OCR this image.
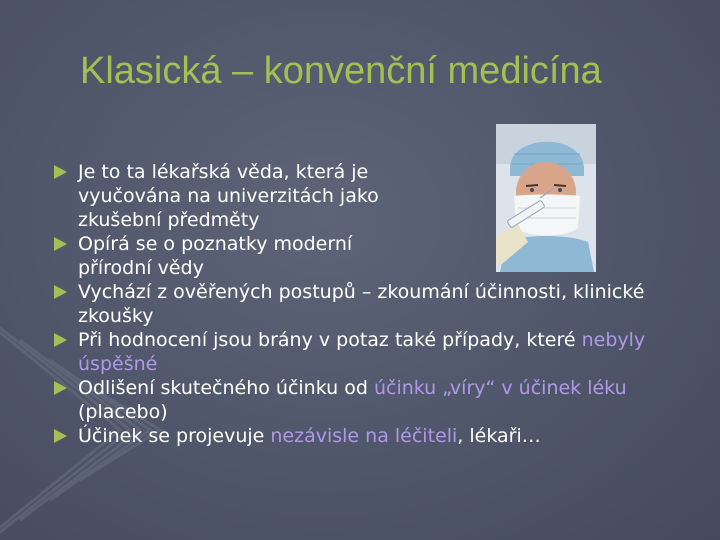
Klasická – konvenční medicína
Je to ta lékařská věda, která je vyučována na univerzitách jako zkušební předměty
Opírá se o poznatky moderní přírodní vědy
Vychází z ověřených postupů – zkoumání účinnosti, klinické zkoušky
Při hodnocení jsou brány v potaz také případy, které nebyly úspěšné
Odlišení skutečného účinku od účinku „víry“ v účinek léku (placebo)
Účinek se projevuje nezávisle na léčiteli, lékaři…
